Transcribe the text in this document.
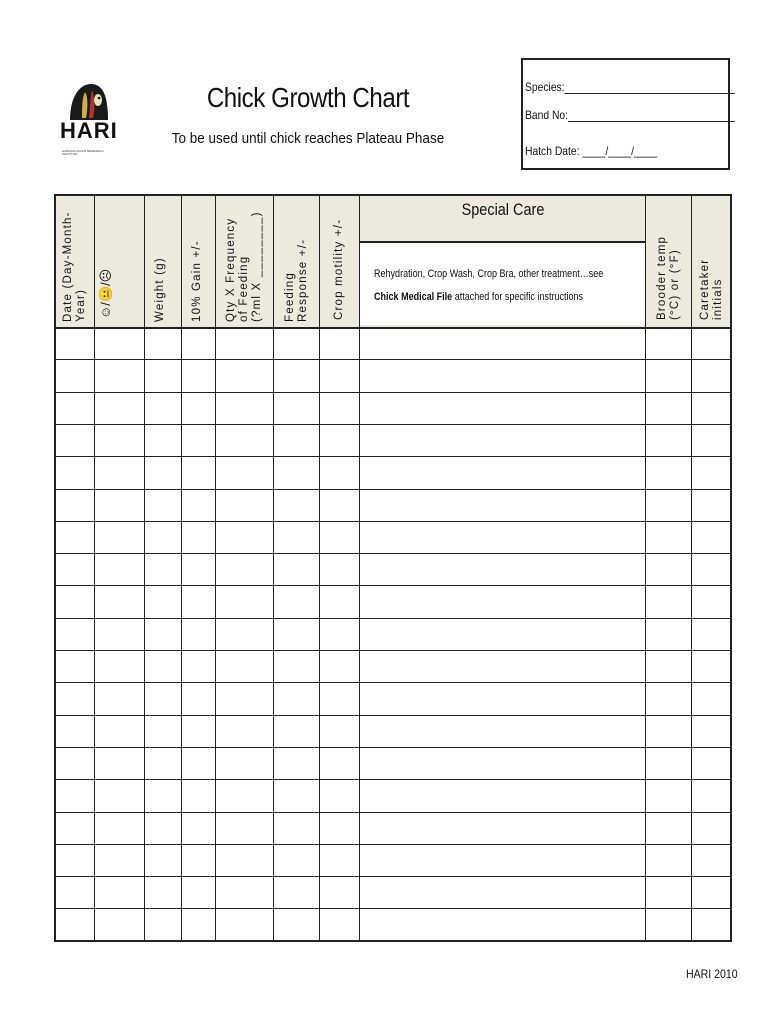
HARI
HAWAIIAN AVIAN RESEARCH INSTITUTE
Chick Growth Chart
To be used until chick reaches Plateau Phase
Species:
Band No:
Hatch Date: ____/____/____
Rehydration, Crop Wash, Crop Bra, other treatment…see Chick Medical File attached for specific instructions
Special Care
Date (Day-Month- Year) ☺/😐/☹	Weight (g) 10% Gain +/- Qty X Frequency of Feeding (?ml X ________) Feeding Response +/- Crop motility +/-	Brooder temp (°C) or (°F) Caretaker initials
HARI 2010
